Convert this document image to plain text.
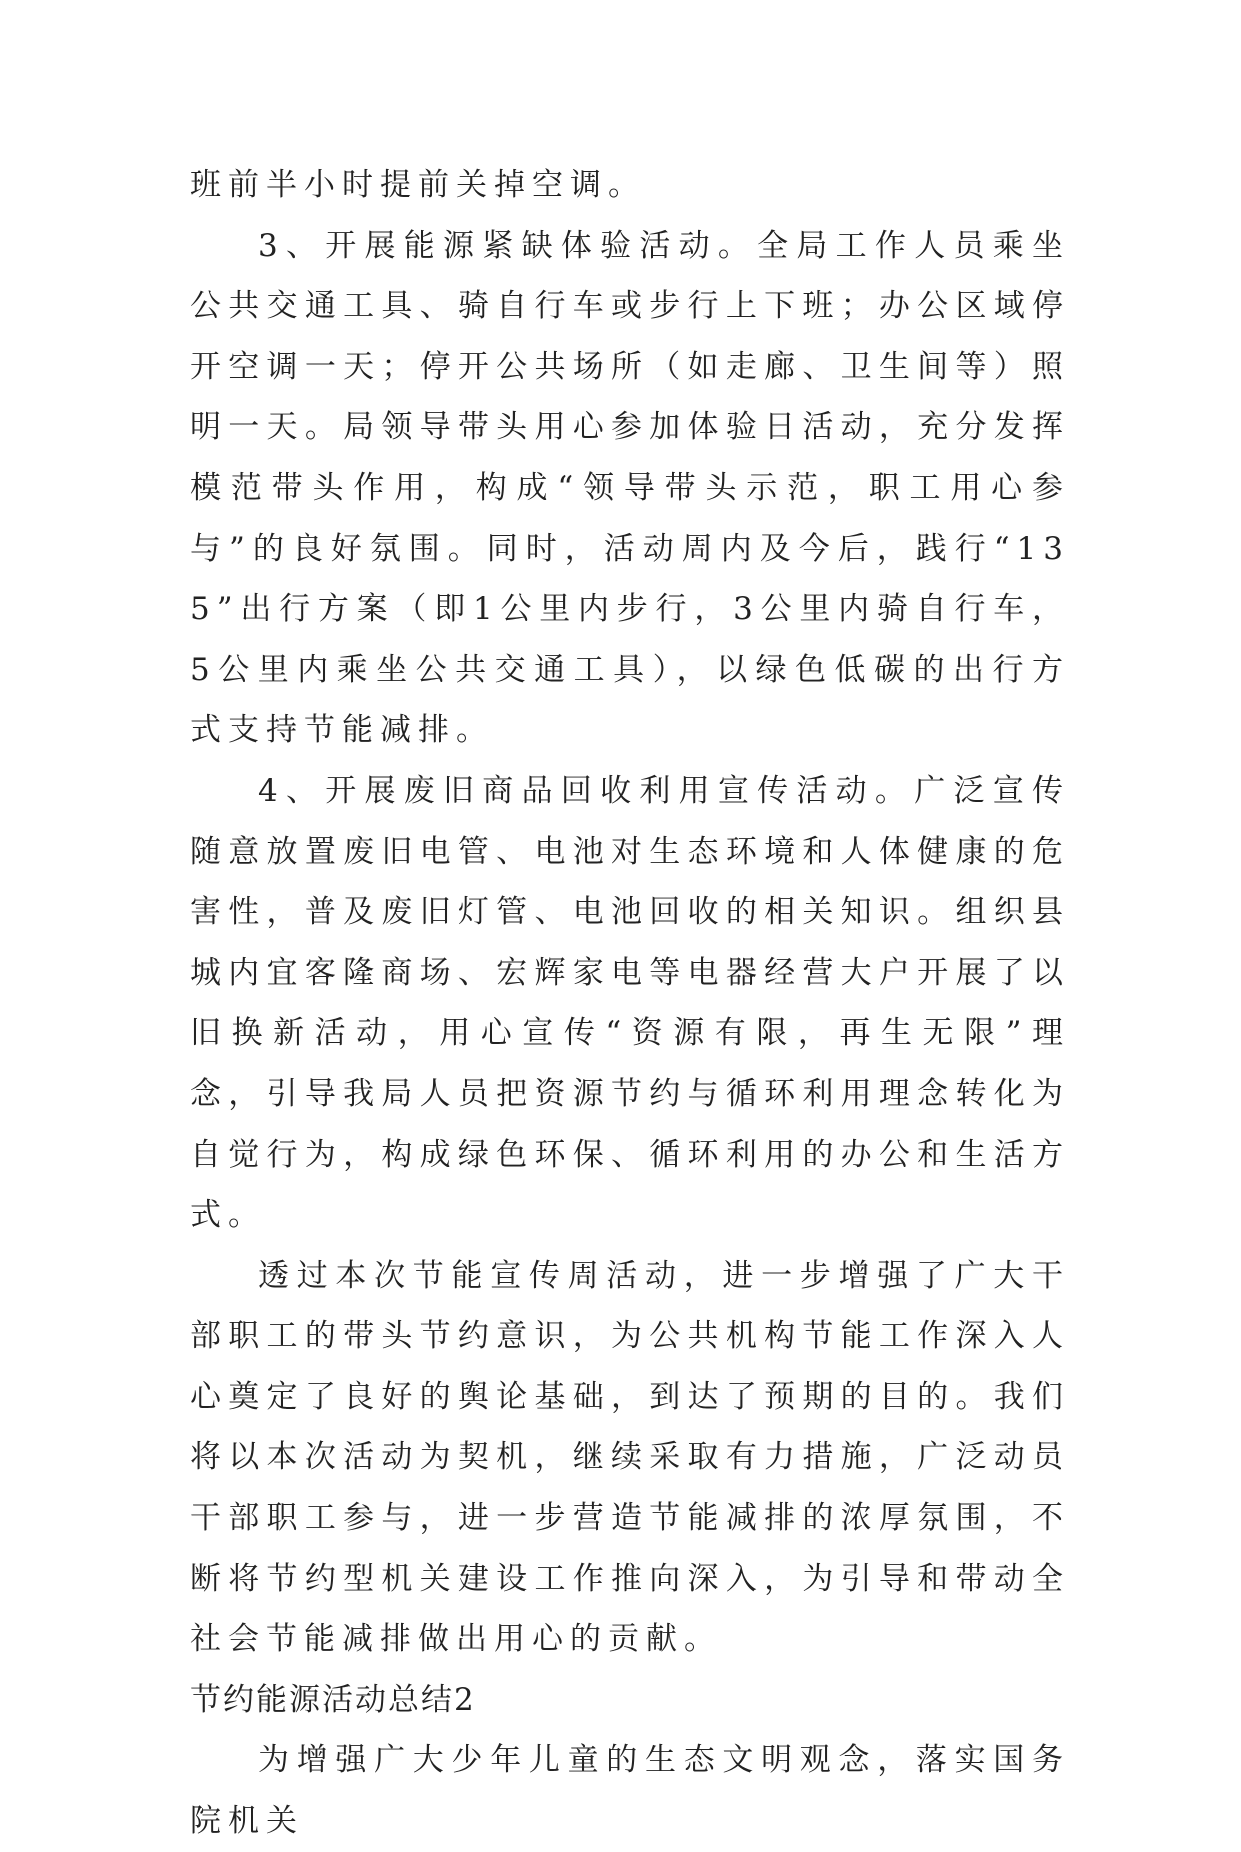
班前半小时提前关掉空调。

3、开展能源紧缺体验活动。全局工作人员乘坐公共交通工具、骑自行车或步行上下班；办公区域停开空调一天；停开公共场所（如走廊、卫生间等）照明一天。局领导带头用心参加体验日活动，充分发挥模范带头作用，构成“领导带头示范，职工用心参与”的良好氛围。同时，活动周内及今后，践行“135”出行方案（即1公里内步行，3公里内骑自行车，5公里内乘坐公共交通工具），以绿色低碳的出行方式支持节能减排。

4、开展废旧商品回收利用宣传活动。广泛宣传随意放置废旧电管、电池对生态环境和人体健康的危害性，普及废旧灯管、电池回收的相关知识。组织县城内宜客隆商场、宏辉家电等电器经营大户开展了以旧换新活动，用心宣传“资源有限，再生无限”理念，引导我局人员把资源节约与循环利用理念转化为自觉行为，构成绿色环保、循环利用的办公和生活方式。

透过本次节能宣传周活动，进一步增强了广大干部职工的带头节约意识，为公共机构节能工作深入人心奠定了良好的舆论基础，到达了预期的目的。我们将以本次活动为契机，继续采取有力措施，广泛动员干部职工参与，进一步营造节能减排的浓厚氛围，不断将节约型机关建设工作推向深入，为引导和带动全社会节能减排做出用心的贡献。

节约能源活动总结2

为增强广大少年儿童的生态文明观念，落实国务院机关
